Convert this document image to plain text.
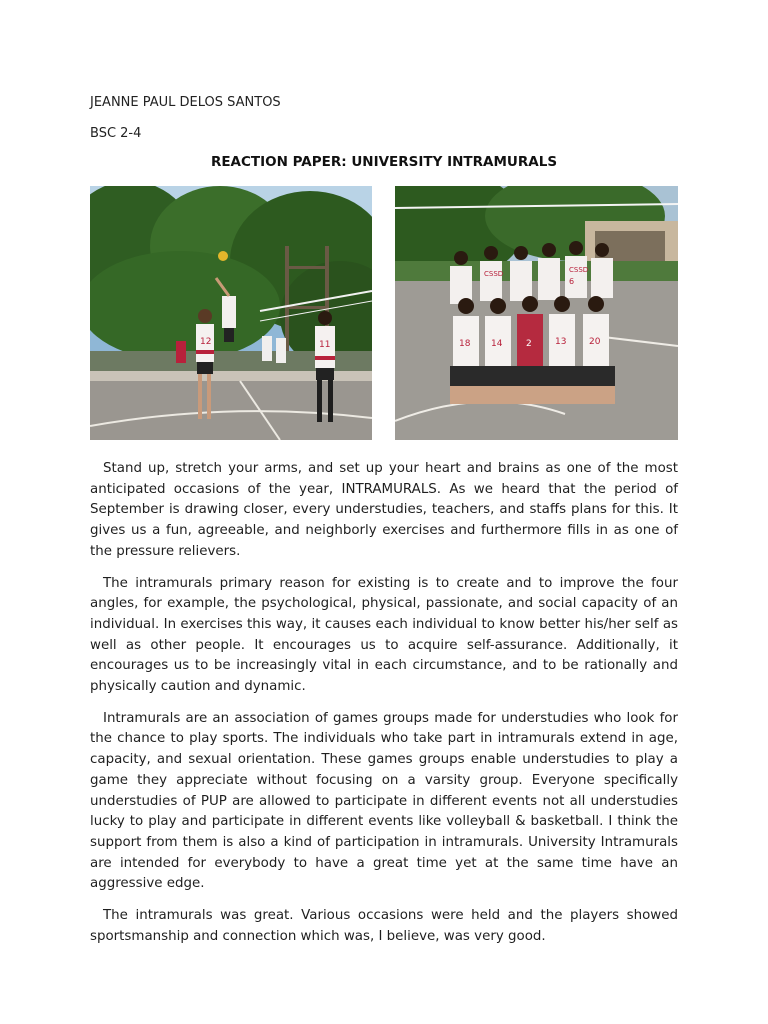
JEANNE PAUL DELOS SANTOS
BSC 2-4
REACTION PAPER: UNIVERSITY INTRAMURALS
12	11
6
CSSD	CSSD
18 14	2	13	20

Stand up, stretch your arms, and set up your heart and brains as one of the most anticipated occasions of the year, INTRAMURALS. As we heard that the period of September is drawing closer, every understudies, teachers, and staffs plans for this. It gives us a fun, agreeable, and neighborly exercises and furthermore fills in as one of the pressure relievers.

The intramurals primary reason for existing is to create and to improve the four angles, for example, the psychological, physical, passionate, and social capacity of an individual. In exercises this way, it causes each individual to know better his/her self as well as other people. It encourages us to acquire self-assurance. Additionally, it encourages us to be increasingly vital in each circumstance, and to be rationally and physically caution and dynamic.

Intramurals are an association of games groups made for understudies who look for the chance to play sports. The individuals who take part in intramurals extend in age, capacity, and sexual orientation. These games groups enable understudies to play a game they appreciate without focusing on a varsity group. Everyone specifically understudies of PUP are allowed to participate in different events not all understudies lucky to play and participate in different events like volleyball & basketball. I think the support from them is also a kind of participation in intramurals. University Intramurals are intended for everybody to have a great time yet at the same time have an aggressive edge.

The intramurals was great. Various occasions were held and the players showed sportsmanship and connection which was, I believe, was very good.
